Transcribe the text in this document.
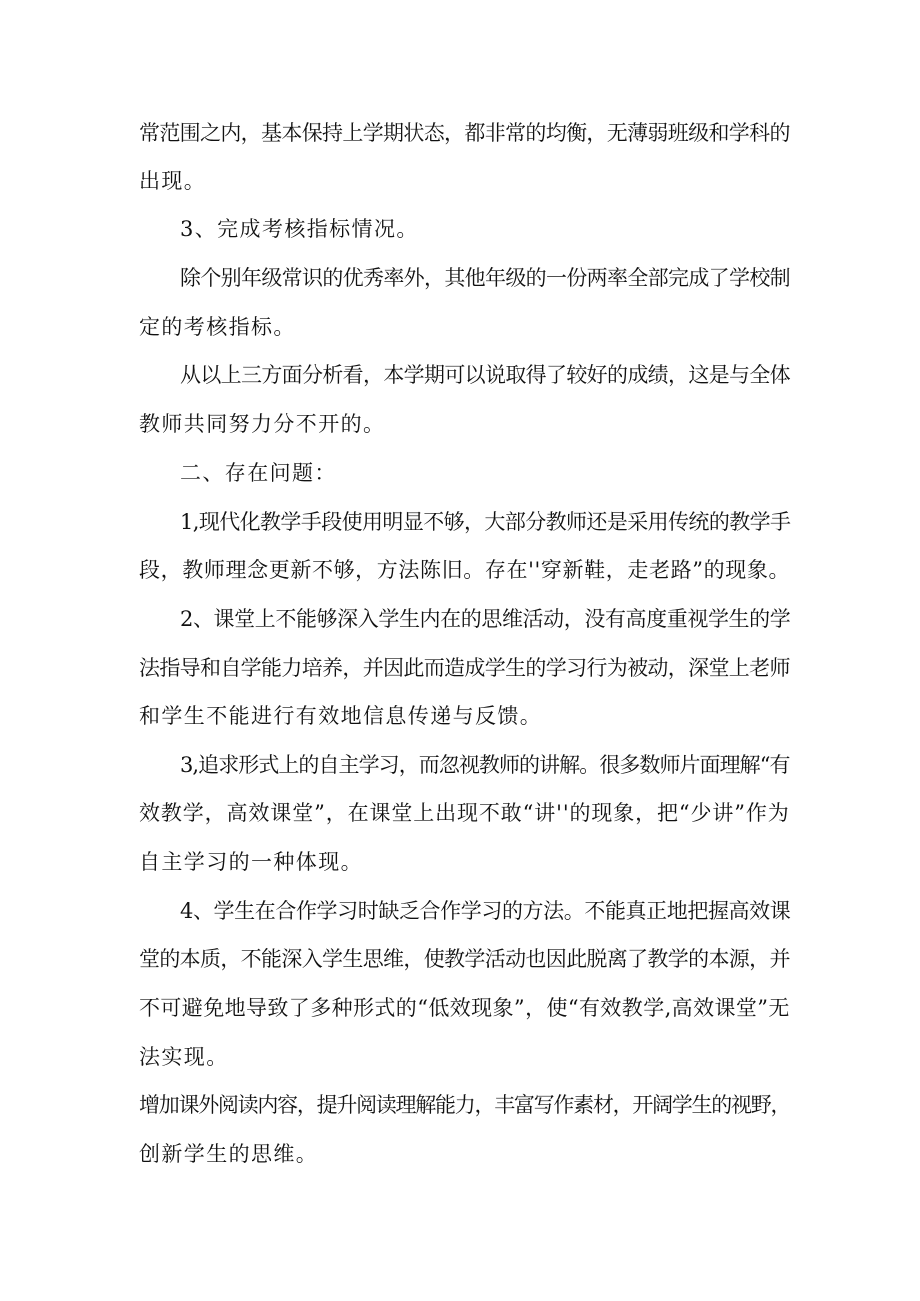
常范围之内，基本保持上学期状态，都非常的均衡，无薄弱班级和学科的
出现。
3、完成考核指标情况。
除个别年级常识的优秀率外，其他年级的一份两率全部完成了学校制
定的考核指标。
从以上三方面分析看，本学期可以说取得了较好的成绩，这是与全体
教师共同努力分不开的。
二、存在问题：
1,现代化教学手段使用明显不够，大部分教师还是采用传统的教学手
段，教师理念更新不够，方法陈旧。存在''穿新鞋，走老路”的现象。
2、课堂上不能够深入学生内在的思维活动，没有高度重视学生的学
法指导和自学能力培养，并因此而造成学生的学习行为被动，深堂上老师
和学生不能进行有效地信息传递与反馈。
3,追求形式上的自主学习，而忽视教师的讲解。很多数师片面理解“有
效教学，高效课堂”，在课堂上出现不敢“讲''的现象，把“少讲”作为
自主学习的一种体现。
4、学生在合作学习时缺乏合作学习的方法。不能真正地把握高效课
堂的本质，不能深入学生思维，使教学活动也因此脱离了教学的本源，并
不可避免地导致了多种形式的“低效现象”，使“有效教学,高效课堂”无
法实现。
增加课外阅读内容，提升阅读理解能力，丰富写作素材，开阔学生的视野，
创新学生的思维。
